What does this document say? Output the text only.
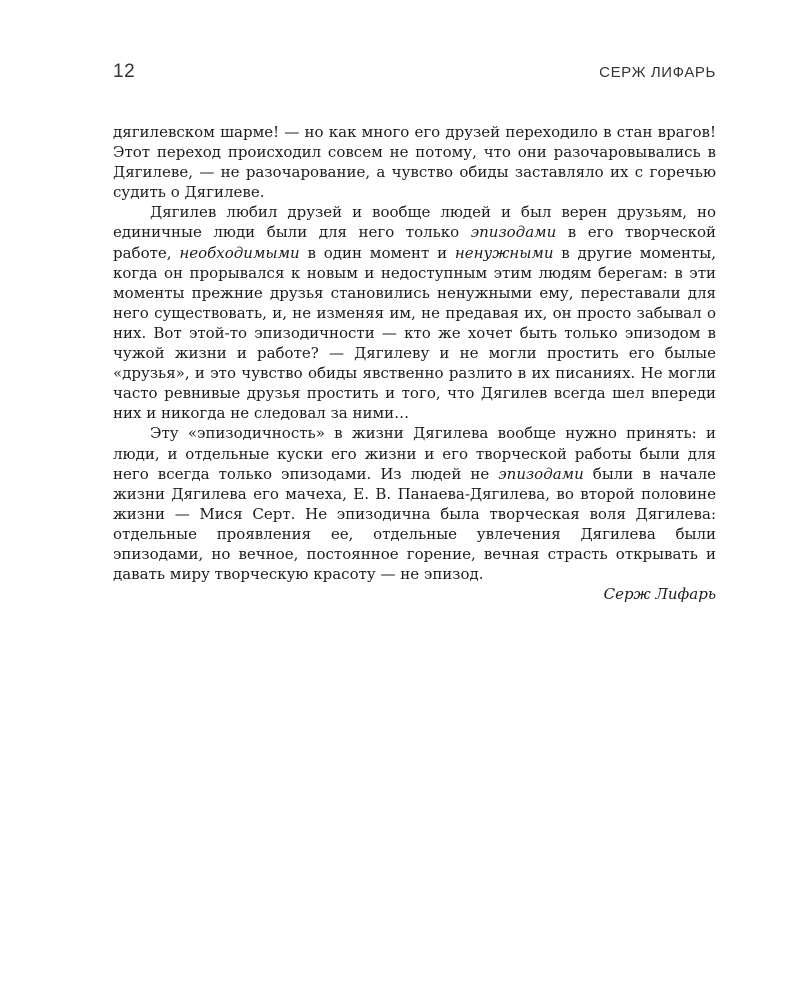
12	СЕРЖ ЛИФАРЬ

дягилевском шарме! — но как много его друзей переходило в стан врагов! Этот переход происходил совсем не потому, что они разочаровывались в Дягилеве, — не разочарование, а чувство обиды заставляло их с горечью судить о Дягилеве.

Дягилев любил друзей и вообще людей и был верен друзьям, но единичные люди были для него только эпизодами в его творческой работе, необходимыми в один момент и ненужными в другие моменты, когда он прорывался к новым и недоступным этим людям берегам: в эти моменты прежние друзья становились ненужными ему, переставали для него существовать, и, не изменяя им, не предавая их, он просто забывал о них. Вот этой-то эпизодичности — кто же хочет быть только эпизодом в чужой жизни и работе? — Дягилеву и не могли простить его былые «друзья», и это чувство обиды явственно разлито в их писаниях. Не могли часто ревнивые друзья простить и того, что Дягилев всегда шел впереди них и никогда не следовал за ними…

Эту «эпизодичность» в жизни Дягилева вообще нужно принять: и люди, и отдельные куски его жизни и его творческой работы были для него всегда только эпизодами. Из людей не эпизодами были в начале жизни Дягилева его мачеха, Е. В. Панаева-Дягилева, во второй половине жизни — Мися Серт. Не эпизодична была творческая воля Дягилева: отдельные проявления ее, отдельные увлечения Дягилева были эпизодами, но вечное, постоянное горение, вечная страсть открывать и давать миру творческую красоту — не эпизод.

Серж Лифарь
